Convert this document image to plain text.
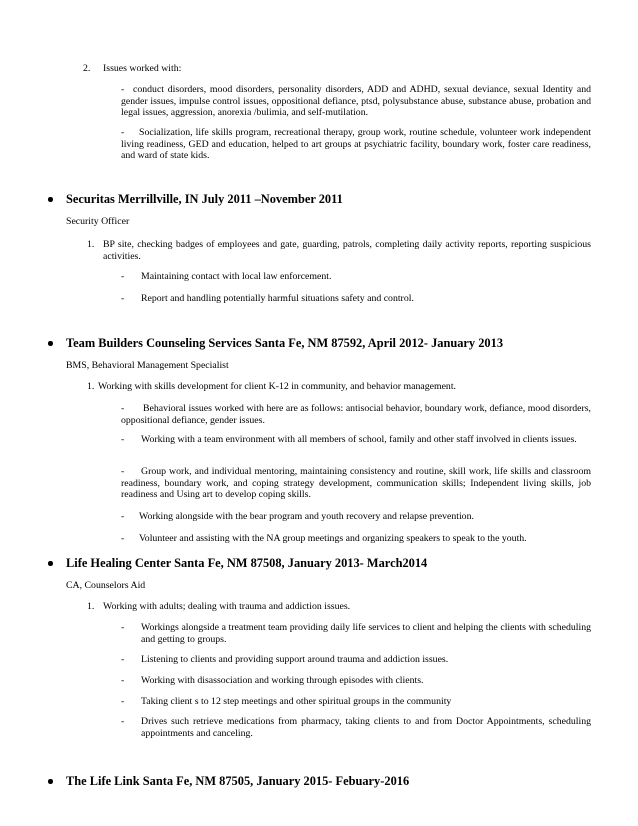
2. Issues worked with:
- conduct disorders, mood disorders, personality disorders, ADD and ADHD, sexual deviance, sexual Identity and gender issues, impulse control issues, oppositional defiance, ptsd, polysubstance abuse, substance abuse, probation and legal issues, aggression, anorexia /bulimia, and self-mutilation.

-	Socialization, life skills program, recreational therapy, group work, routine schedule, volunteer work independent living readiness, GED and education, helped to art groups at psychiatric facility, boundary work, foster care readiness, and ward of state kids.

Securitas Merrillville, IN July 2011 –November 2011
Security Officer
1. BP site, checking badges of employees and gate, guarding, patrols, completing daily activity reports, reporting suspicious activities.

- Maintaining contact with local law enforcement.
- Report and handling potentially harmful situations safety and control.
Team Builders Counseling Services Santa Fe, NM 87592, April 2012- January 2013
BMS, Behavioral Management Specialist
1. Working with skills development for client K-12 in community, and behavior management.
-	Behavioral issues worked with here are as follows: antisocial behavior, boundary work, defiance, mood disorders, oppositional defiance, gender issues.

-	Working with a team environment with all members of school, family and other staff involved in clients issues.

-	Group work, and individual mentoring, maintaining consistency and routine, skill work, life skills and classroom readiness, boundary work, and coping strategy development, communication skills; Independent living skills, job readiness and Using art to develop coping skills.

- Working alongside with the bear program and youth recovery and relapse prevention.
- Volunteer and assisting with the NA group meetings and organizing speakers to speak to the youth.
Life Healing Center Santa Fe, NM 87508, January 2013- March2014
CA, Counselors Aid
1. Working with adults; dealing with trauma and addiction issues.
- Workings alongside a treatment team providing daily life services to client and helping the clients with scheduling and getting to groups.

- Listening to clients and providing support around trauma and addiction issues.
- Working with disassociation and working through episodes with clients.
- Taking client s to 12 step meetings and other spiritual groups in the community
- Drives such retrieve medications from pharmacy, taking clients to and from Doctor Appointments, scheduling appointments and canceling.

The Life Link Santa Fe, NM 87505, January 2015- Febuary-2016
